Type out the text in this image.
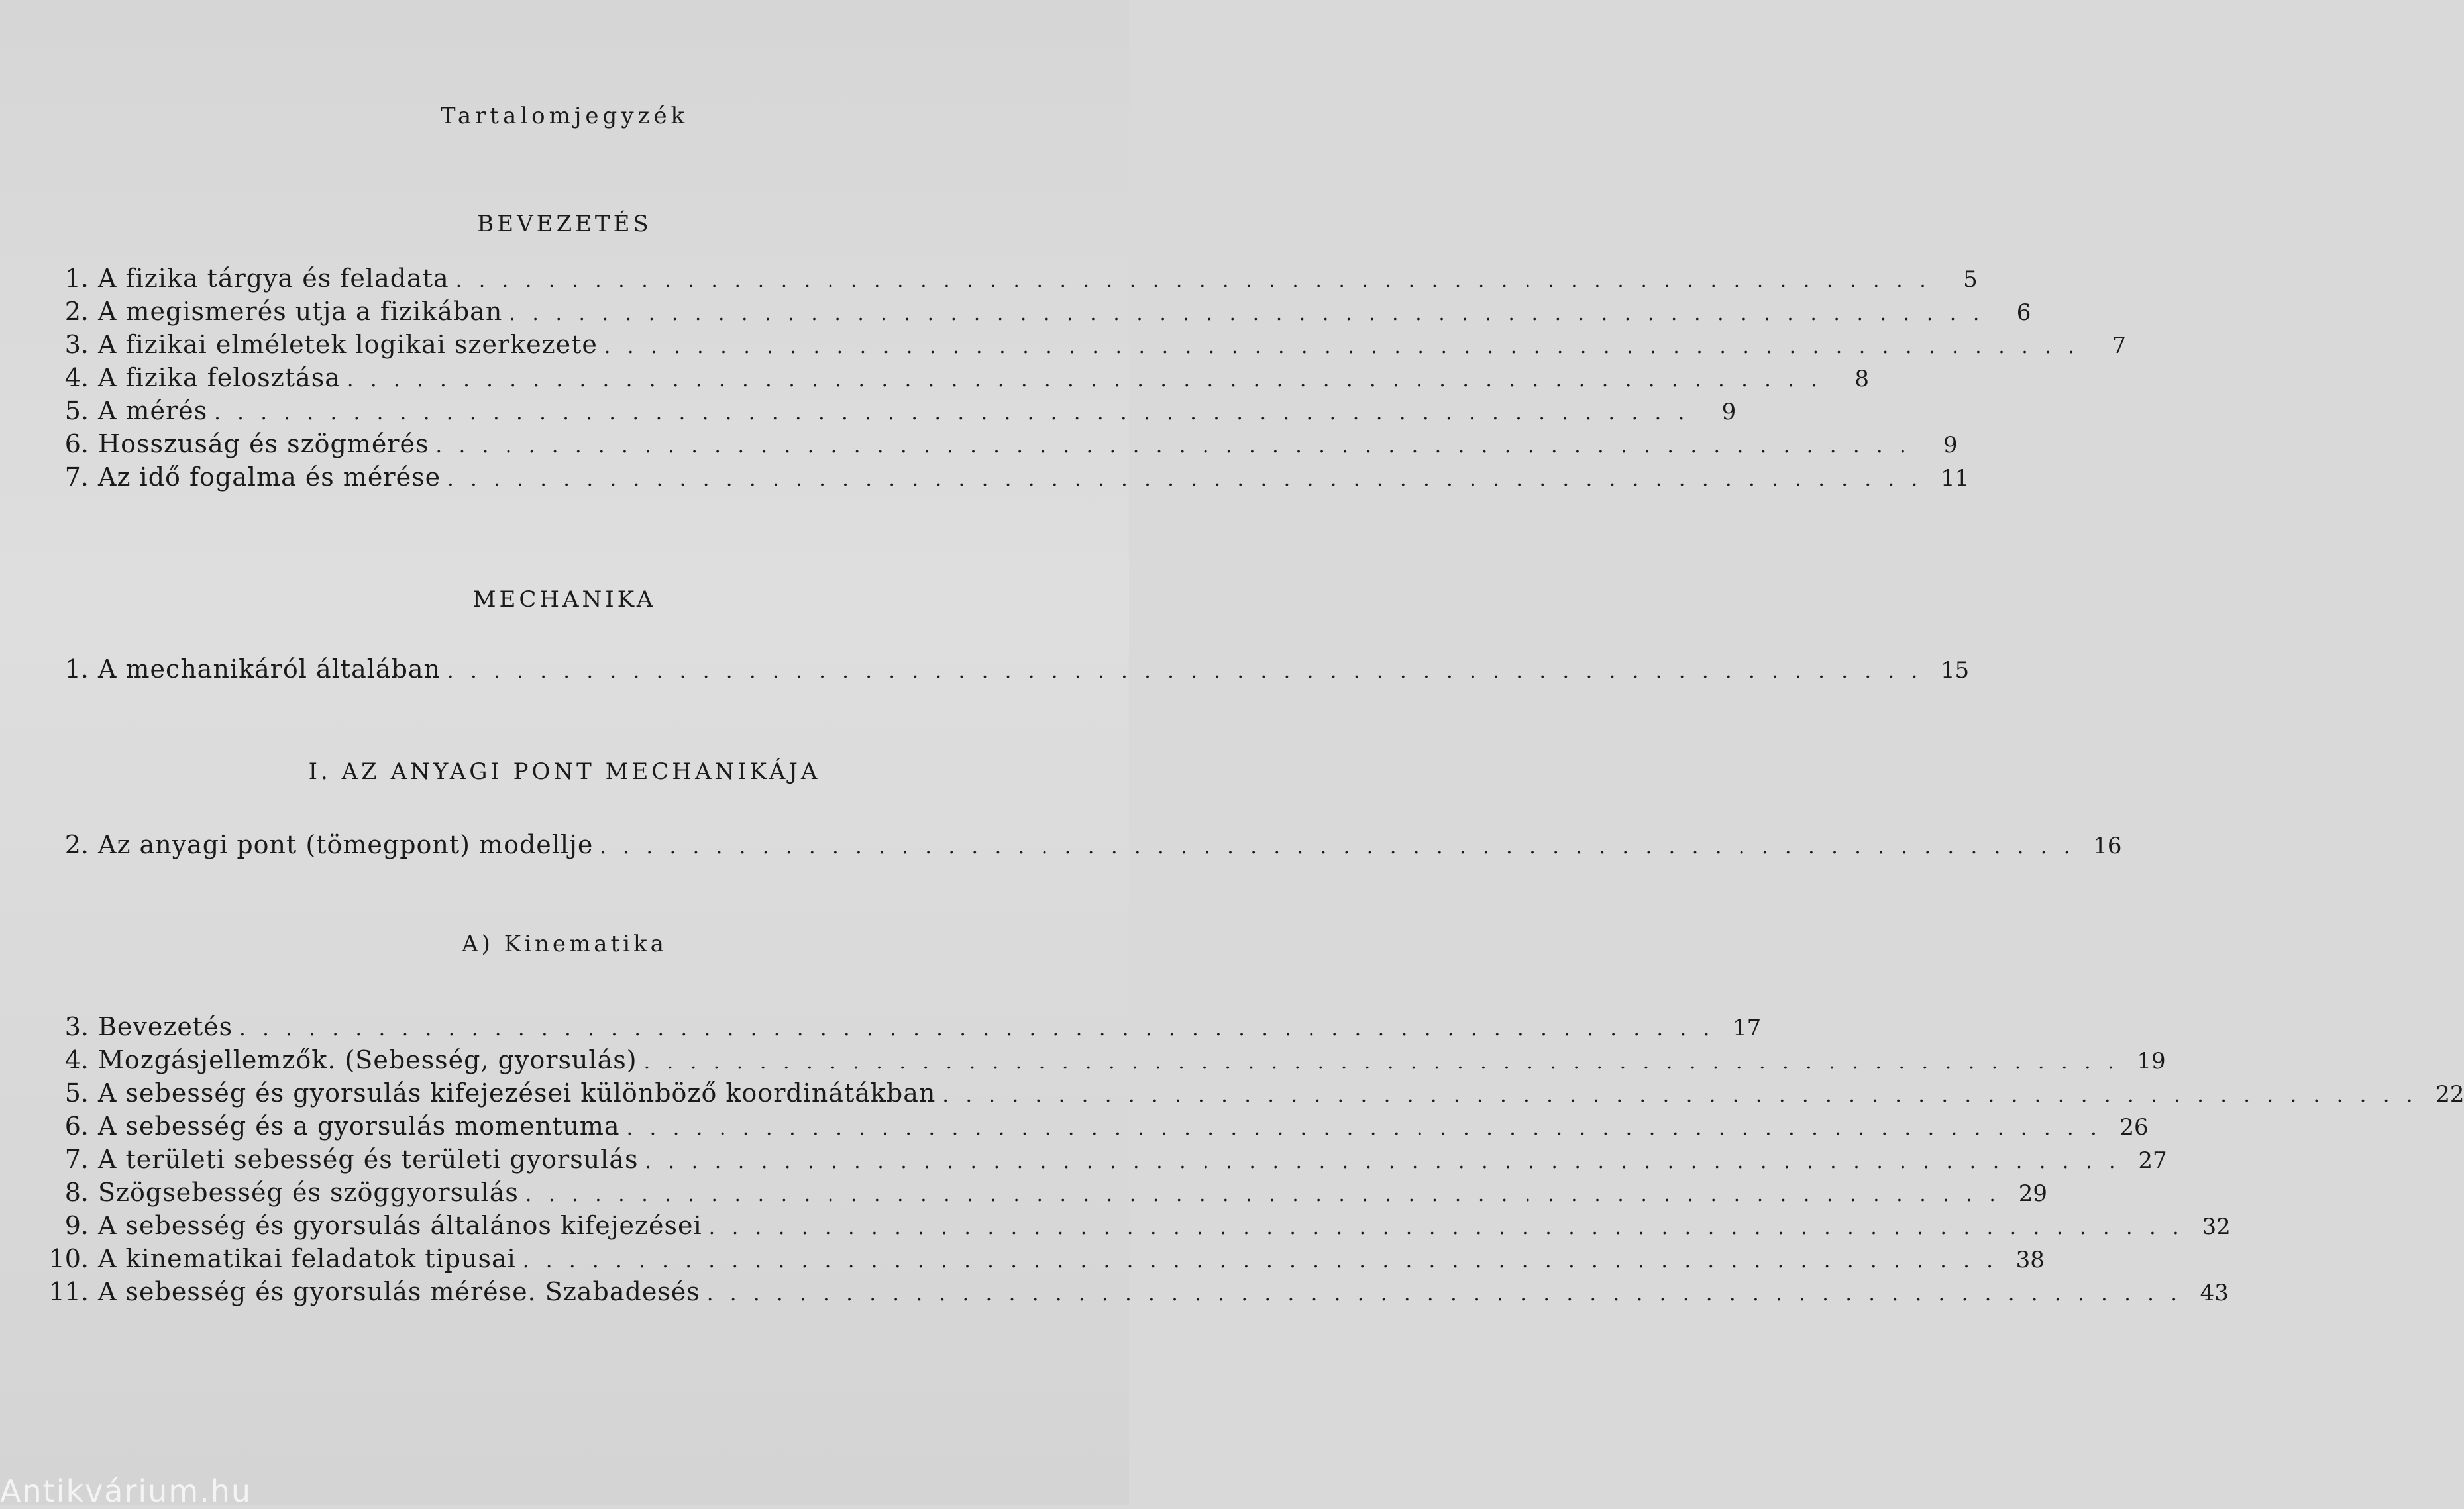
Tartalomjegyzék
BEVEZETÉS
1. A fizika tárgya és feladata . . . . . . . . . . . . . . . . . . . . . . . . . . . . . . . . . . . . . . . . . . . . . . . . . . . . . . . . . . . . . . . .	5
2. A megismerés utja a fizikában . . . . . . . . . . . . . . . . . . . . . . . . . . . . . . . . . . . . . . . . . . . . . . . . . . . . . . . . . . . . . . . .	6
3. A fizikai elméletek logikai szerkezete . . . . . . . . . . . . . . . . . . . . . . . . . . . . . . . . . . . . . . . . . . . . . . . . . . . . . . . . . . . . . . . .	7
4. A fizika felosztása . . . . . . . . . . . . . . . . . . . . . . . . . . . . . . . . . . . . . . . . . . . . . . . . . . . . . . . . . . . . . . . .	8
5. A mérés . . . . . . . . . . . . . . . . . . . . . . . . . . . . . . . . . . . . . . . . . . . . . . . . . . . . . . . . . . . . . . . .	9
6. Hosszuság és szögmérés . . . . . . . . . . . . . . . . . . . . . . . . . . . . . . . . . . . . . . . . . . . . . . . . . . . . . . . . . . . . . . . .	9
7. Az idő fogalma és mérése . . . . . . . . . . . . . . . . . . . . . . . . . . . . . . . . . . . . . . . . . . . . . . . . . . . . . . . . . . . . . . . . 11
MECHANIKA
1. A mechanikáról általában . . . . . . . . . . . . . . . . . . . . . . . . . . . . . . . . . . . . . . . . . . . . . . . . . . . . . . . . . . . . . . . . 15
I. AZ ANYAGI PONT MECHANIKÁJA
2. Az anyagi pont (tömegpont) modellje . . . . . . . . . . . . . . . . . . . . . . . . . . . . . . . . . . . . . . . . . . . . . . . . . . . . . . . . . . . . . . . . 16
A) Kinematika
3. Bevezetés . . . . . . . . . . . . . . . . . . . . . . . . . . . . . . . . . . . . . . . . . . . . . . . . . . . . . . . . . . . . . . . . 17
4. Mozgásjellemzők. (Sebesség, gyorsulás) . . . . . . . . . . . . . . . . . . . . . . . . . . . . . . . . . . . . . . . . . . . . . . . . . . . . . . . . . . . . . . . . 19
5. A sebesség és gyorsulás kifejezései különböző koordinátákban . . . . . . . . . . . . . . . . . . . . . . . . . . . . . . . . . . . . . . . . . . . . . . . . . . . . . . . . . . . . . . . . 22
6. A sebesség és a gyorsulás momentuma . . . . . . . . . . . . . . . . . . . . . . . . . . . . . . . . . . . . . . . . . . . . . . . . . . . . . . . . . . . . . . . . 26
7. A területi sebesség és területi gyorsulás . . . . . . . . . . . . . . . . . . . . . . . . . . . . . . . . . . . . . . . . . . . . . . . . . . . . . . . . . . . . . . . . 27
8. Szögsebesség és szöggyorsulás . . . . . . . . . . . . . . . . . . . . . . . . . . . . . . . . . . . . . . . . . . . . . . . . . . . . . . . . . . . . . . . . 29
9. A sebesség és gyorsulás általános kifejezései . . . . . . . . . . . . . . . . . . . . . . . . . . . . . . . . . . . . . . . . . . . . . . . . . . . . . . . . . . . . . . . . 32
10. A kinematikai feladatok tipusai . . . . . . . . . . . . . . . . . . . . . . . . . . . . . . . . . . . . . . . . . . . . . . . . . . . . . . . . . . . . . . . . 38
11. A sebesség és gyorsulás mérése. Szabadesés . . . . . . . . . . . . . . . . . . . . . . . . . . . . . . . . . . . . . . . . . . . . . . . . . . . . . . . . . . . . . . . . 43
Antikvárium.hu
